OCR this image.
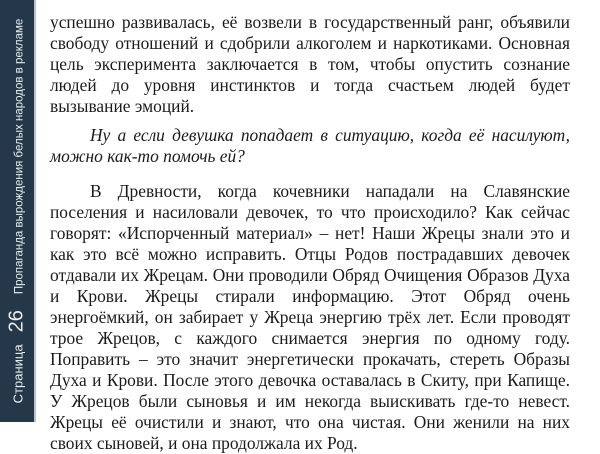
Страница
26
Пропаганда вырождения белых народов в рекламе успешно развивалась, её возвели в государственный ранг, объявили свободу отношений и сдобрили алкоголем и наркотиками. Основная цель эксперимента заключается в том, чтобы опустить сознание людей до уровня инстинктов и тогда счастьем людей будет вызывание эмоций.

Ну а если девушка попадает в ситуацию, когда её насилуют, можно как-то помочь ей?

В Древности, когда кочевники нападали на Славянские поселения и насиловали девочек, то что происходило? Как сейчас говорят: «Испорченный материал» – нет! Наши Жрецы знали это и как это всё можно исправить. Отцы Родов пострадавших девочек отдавали их Жрецам. Они проводили Обряд Очищения Образов Духа и Крови. Жрецы стирали информацию. Этот Обряд очень энергоёмкий, он забирает у Жреца энергию трёх лет. Если проводят трое Жрецов, с каждого снимается энергия по одному году. Поправить – это значит энергетически прокачать, стереть Образы Духа и Крови. После этого девочка оставалась в Скиту, при Капище. У Жрецов были сыновья и им некогда выискивать где-то невест. Жрецы её очистили и знают, что она чистая. Они женили на них своих сыновей, и она продолжала их Род.
